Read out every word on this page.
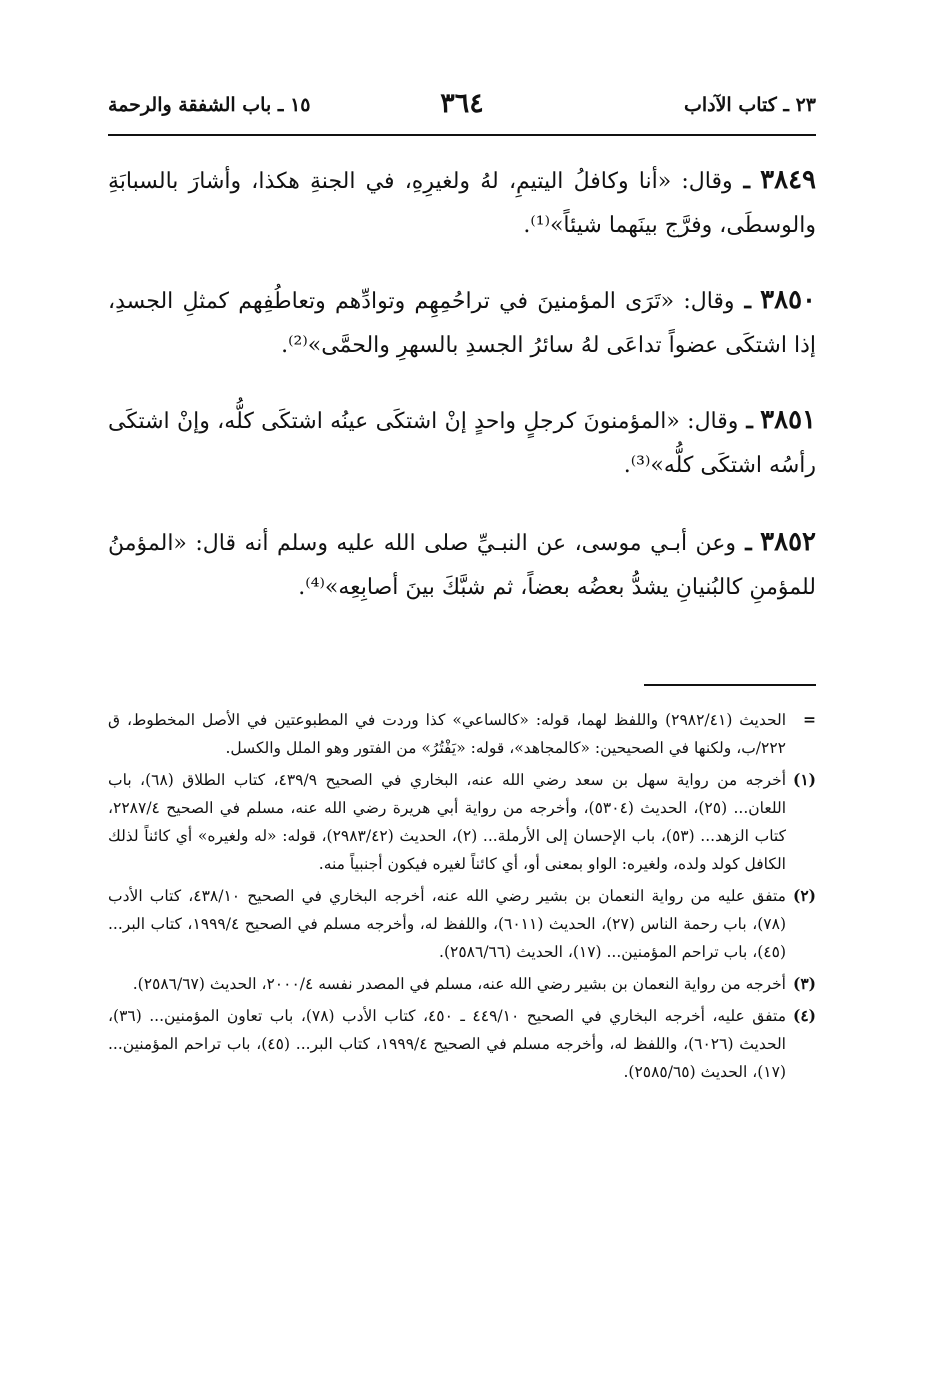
٢٣ ـ كتاب الآداب
٣٦٤
١٥ ـ باب الشفقة والرحمة

٣٨٤٩ ـ وقال: «أنا وكافلُ اليتيمِ، لهُ ولغيرِهِ، في الجنةِ هكذا، وأشارَ بالسبابَةِ والوسطَى، وفرَّج بينَهما شيئاً»⁽¹⁾.

٣٨٥٠ ـ وقال: «تَرَى المؤمنينَ في تراحُمِهِم وتوادِّهم وتعاطُفِهم كمثلِ الجسدِ، إذا اشتكَى عضواً تداعَى لهُ سائرُ الجسدِ بالسهرِ والحمَّى»⁽²⁾.

٣٨٥١ ـ وقال: «المؤمنونَ كرجلٍ واحدٍ إنْ اشتكَى عينُه اشتكَى كلُّه، وإنْ اشتكَى رأسُه اشتكَى كلُّه»⁽³⁾.

٣٨٥٢ ـ وعن أبـي موسى، عن النبـيِّ صلى الله عليه وسلم أنه قال: «المؤمنُ للمؤمنِ كالبُنيانِ يشدُّ بعضُه بعضاً، ثم شبَّكَ بينَ أصابِعِه»⁽⁴⁾.

=
الحديث (٢٩٨٢/٤١) واللفظ لهما، قوله: «كالساعي» كذا وردت في المطبوعتين في الأصل المخطوط، ق ٢٢٢/ب، ولكنها في الصحيحين: «كالمجاهد»، قوله: «يَفْتُرُ» من الفتور وهو الملل والكسل.
(١)
أخرجه من رواية سهل بن سعد رضي الله عنه، البخاري في الصحيح ٤٣٩/٩، كتاب الطلاق (٦٨)، باب اللعان... (٢٥)، الحديث (٥٣٠٤)، وأخرجه من رواية أبي هريرة رضي الله عنه، مسلم في الصحيح ٢٢٨٧/٤، كتاب الزهد... (٥٣)، باب الإحسان إلى الأرملة... (٢)، الحديث (٢٩٨٣/٤٢)، قوله: «له ولغيره» أي كائناً لذلك الكافل كولد ولده، ولغيره: الواو بمعنى أو، أي كائناً لغيره فيكون أجنبياً منه.
(٢)
متفق عليه من رواية النعمان بن بشير رضي الله عنه، أخرجه البخاري في الصحيح ٤٣٨/١٠، كتاب الأدب (٧٨)، باب رحمة الناس (٢٧)، الحديث (٦٠١١)، واللفظ له، وأخرجه مسلم في الصحيح ١٩٩٩/٤، كتاب البر... (٤٥)، باب تراحم المؤمنين... (١٧)، الحديث (٢٥٨٦/٦٦).
(٣)
أخرجه من رواية النعمان بن بشير رضي الله عنه، مسلم في المصدر نفسه ٢٠٠٠/٤، الحديث (٢٥٨٦/٦٧).
(٤)
متفق عليه، أخرجه البخاري في الصحيح ٤٤٩/١٠ ـ ٤٥٠، كتاب الأدب (٧٨)، باب تعاون المؤمنين... (٣٦)، الحديث (٦٠٢٦)، واللفظ له، وأخرجه مسلم في الصحيح ١٩٩٩/٤، كتاب البر... (٤٥)، باب تراحم المؤمنين... (١٧)، الحديث (٢٥٨٥/٦٥).
